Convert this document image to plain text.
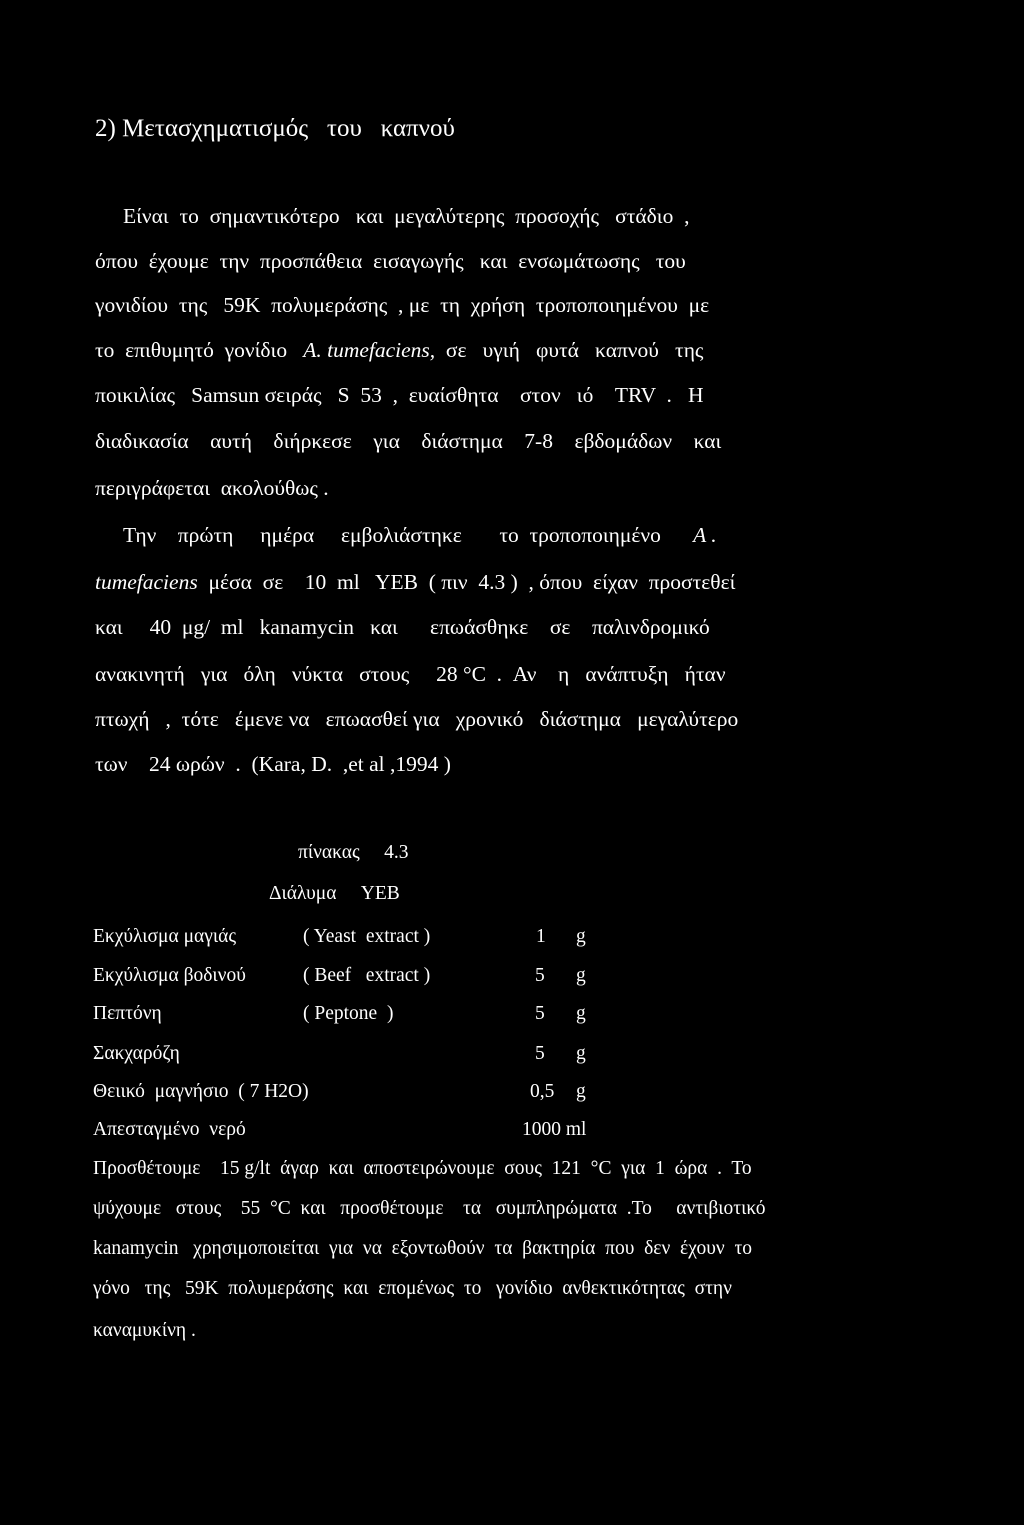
2) Μετασχηματισμός   του   καπνού
Είναι  το  σημαντικότερο   και  μεγαλύτερης  προσοχής   στάδιο  ,
όπου  έχουμε  την  προσπάθεια  εισαγωγής   και  ενσωμάτωσης   του
γονιδίου  της   59K  πολυμεράσης  , με  τη  χρήση  τροποποιημένου  με
το  επιθυμητό  γονίδιο   A. tumefaciens,  σε   υγιή   φυτά   καπνού   της
ποικιλίας   Samsun σειράς   S  53  ,  ευαίσθητα    στον   ιό    TRV  .   Η
διαδικασία    αυτή    διήρκεσε    για    διάστημα    7-8    εβδομάδων    και
περιγράφεται  ακολούθως .
Την    πρώτη     ημέρα     εμβολιάστηκε       το  τροποποιημένο      Α .
tumefaciens  μέσα  σε    10  ml   YEB  ( πιν  4.3 )  , όπου  είχαν  προστεθεί
και     40  μg/  ml   kanamycin   και      επωάσθηκε    σε    παλινδρομικό
ανακινητή   για   όλη   νύκτα   στους     28 °C  .  Αν    η   ανάπτυξη   ήταν
πτωχή   ,  τότε   έμενε να   επωασθεί για   χρονικό   διάστημα   μεγαλύτερο
των    24 ωρών  .  (Kara, D.  ,et al ,1994 )
πίνακας     4.3
Διάλυμα     YEB
Εκχύλισμα μαγιάς	( Yeast  extract )	1 g
Εκχύλισμα βοδινού	( Beef   extract )	5 g
Πεπτόνη	( Peptone  )	5 g
Σακχαρόζη	5 g
Θειικό  μαγνήσιο  ( 7 H2O)	0,5 g
Απεσταγμένο  νερό	1000 ml
Προσθέτουμε    15 g/lt  άγαρ  και  αποστειρώνουμε  σους  121  °C  για  1  ώρα  .  Το
ψύχουμε   στους    55  °C  και   προσθέτουμε    τα   συμπληρώματα  .Το     αντιβιοτικό
kanamycin   χρησιμοποιείται  για  να  εξοντωθούν  τα  βακτηρία  που  δεν  έχουν  το
γόνο   της   59K  πολυμεράσης  και  επομένως  το   γονίδιο  ανθεκτικότητας  στην
καναμυκίνη .
